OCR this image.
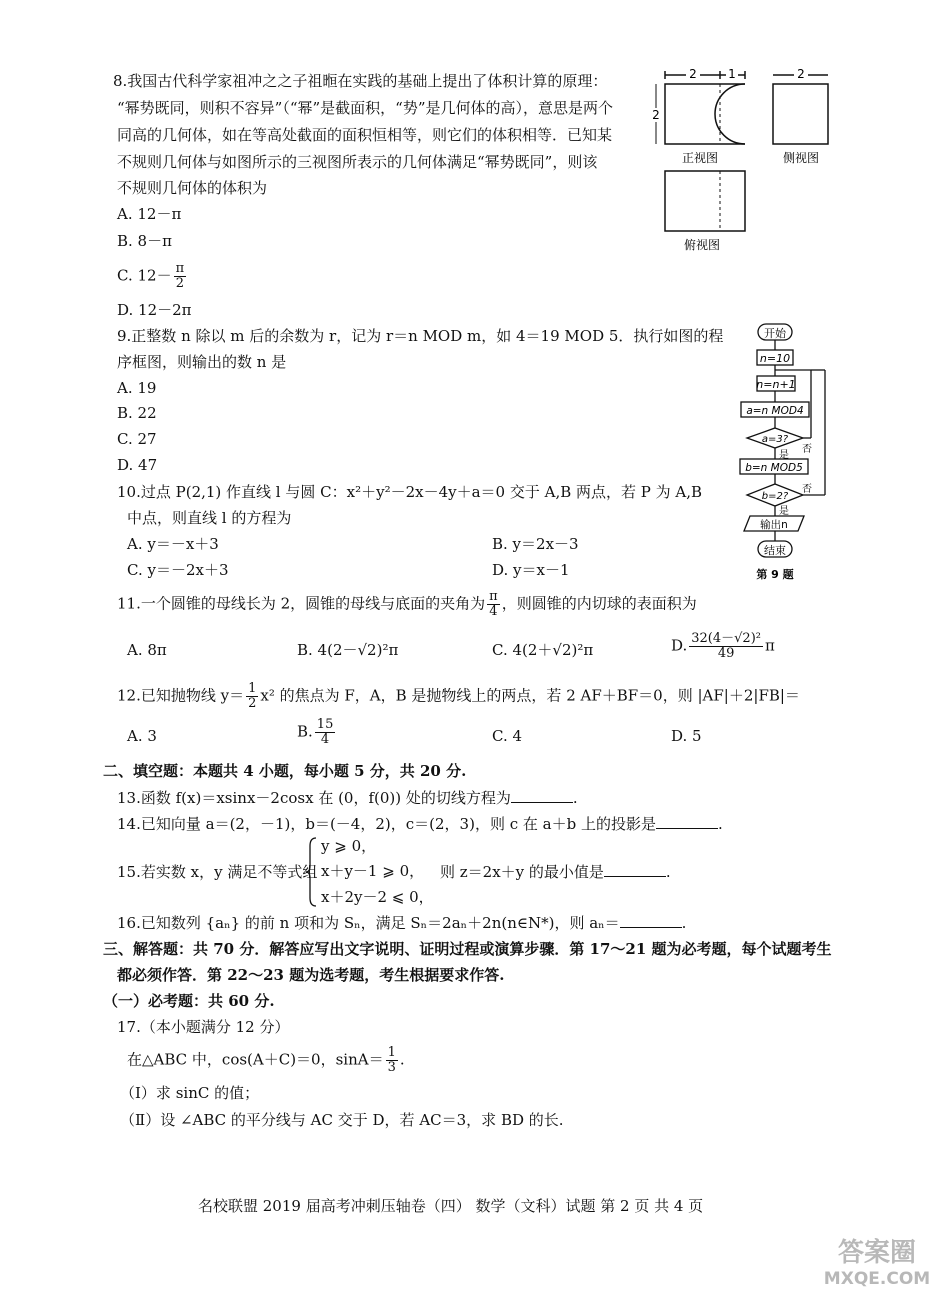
8.我国古代科学家祖冲之之子祖暅在实践的基础上提出了体积计算的原理：
“幂势既同，则积不容异”（“幂”是截面积，“势”是几何体的高），意思是两个
同高的几何体，如在等高处截面的面积恒相等，则它们的体积相等．已知某
不规则几何体与如图所示的三视图所表示的几何体满足“幂势既同”，则该
不规则几何体的体积为
A. 12－π
B. 8－π
C. $12- \frac{\pi}{2}$
D. 12－2π
2	1
2
2
正视图	侧视图
俯视图
9.正整数 n 除以 m 后的余数为 r，记为 r＝n MOD m，如 4＝19 MOD 5．执行如图的程
序框图，则输出的数 n 是
A. 19
B. 22
C. 27
D. 47
开始
n=10
n=n+1
a=n MOD4
a=3?
否
是
b=n MOD5
b=2?
否
是
输出n
结束
第 9 题
10.过点 P(2,1) 作直线 l 与圆 C：x²＋y²－2x－4y＋a＝0 交于 A,B 两点，若 P 为 A,B
中点，则直线 l 的方程为
A. y＝－x＋3	B. y＝2x－3
C. y＝－2x＋3	D. y＝x－1
11.一个圆锥的母线长为 2，圆锥的母线与底面的夹角为 $\frac{\pi}{4}$ ，则圆锥的内切球的表面积为
A. 8π	B. 4(2－√2)²π	C. 4(2＋√2)²π	D. $\frac{\text{32(4－√2)²}}{49}$ π
12.已知抛物线 $y= \frac{1}{2} x^2$ 的焦点为 F，A，B 是抛物线上的两点，若 2 AF＋BF＝0，则 |AF|＋2|FB|＝
A. 3	B. $\frac{15}{4}$	C. 4	D. 5
二、填空题：本题共 4 小题，每小题 5 分，共 20 分.
13.函数 f(x)＝xsinx－2cosx 在 (0，f(0)) 处的切线方程为	.
14.已知向量 a＝(2，－1)，b＝(－4，2)，c＝(2，3)，则 c 在 a＋b 上的投影是	.
15.若实数 x，y 满足不等式组
y ⩾ 0，
x＋y－1 ⩾ 0，
x＋2y－2 ⩽ 0，
则 z＝2x＋y 的最小值是	.
16.已知数列 {aₙ} 的前 n 项和为 Sₙ，满足 Sₙ＝2aₙ＋2n(n∈N*)，则 aₙ＝	.
三、解答题：共 70 分．解答应写出文字说明、证明过程或演算步骤．第 17～21 题为必考题，每个试题考生
都必须作答．第 22～23 题为选考题，考生根据要求作答.
（一）必考题：共 60 分.
17.（本小题满分 12 分）
在△ABC 中，cos(A＋C)＝0，$\sin A= \frac{1}{3}$ .
（Ⅰ）求 sinC 的值；
（Ⅱ）设 ∠ABC 的平分线与 AC 交于 D，若 AC＝3，求 BD 的长.
名校联盟 2019 届高考冲刺压轴卷（四） 数学（文科）试题 第 2 页 共 4 页
答案圈
MXQE.COM
